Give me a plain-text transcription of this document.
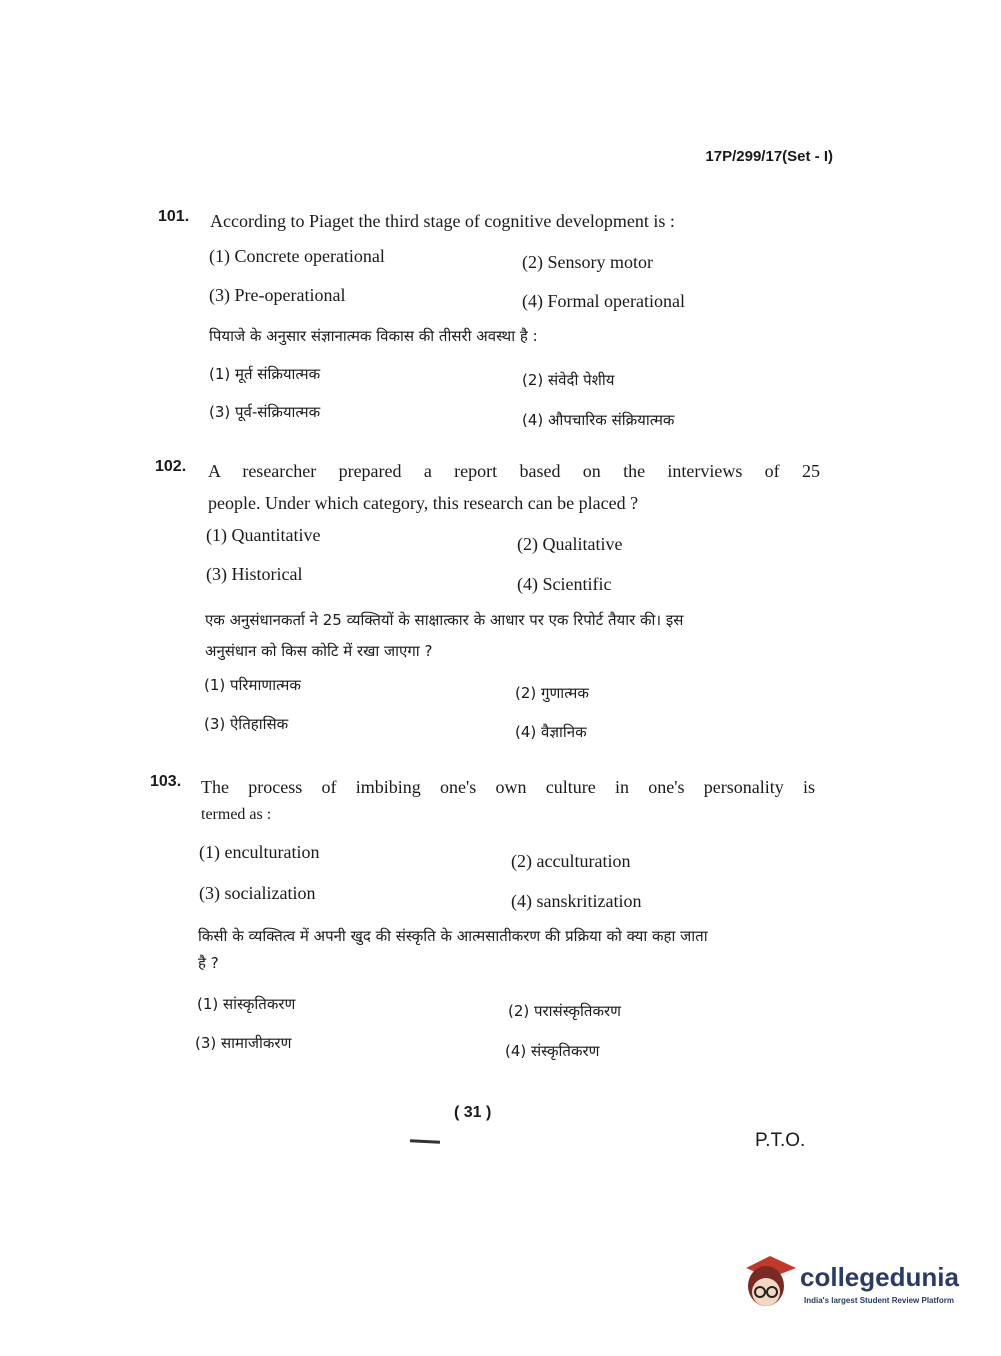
17P/299/17(Set - I)
101. According to Piaget the third stage of cognitive development is :
(1) Concrete operational	(2) Sensory motor
(3) Pre-operational	(4) Formal operational
पियाजे के अनुसार संज्ञानात्मक विकास की तीसरी अवस्था है :
(1) मूर्त संक्रियात्मक	(2) संवेदी पेशीय
(3) पूर्व-संक्रियात्मक	(4) औपचारिक संक्रियात्मक
102. A researcher prepared a report based on the interviews of 25
people. Under which category, this research can be placed ?
(1) Quantitative	(2) Qualitative
(3) Historical	(4) Scientific
एक अनुसंधानकर्ता ने 25 व्यक्तियों के साक्षात्कार के आधार पर एक रिपोर्ट तैयार की। इस
अनुसंधान को किस कोटि में रखा जाएगा ?
(1) परिमाणात्मक	(2) गुणात्मक
(3) ऐतिहासिक	(4) वैज्ञानिक
103. The process of imbibing one's own culture in one's personality is
termed as :
(1) enculturation	(2) acculturation
(3) socialization	(4) sanskritization
किसी के व्यक्तित्व में अपनी खुद की संस्कृति के आत्मसातीकरण की प्रक्रिया को क्या कहा जाता
है ?
(1) सांस्कृतिकरण	(2) परासंस्कृतिकरण
(3) सामाजीकरण	(4) संस्कृतिकरण
( 31 )
P.T.O.
collegedunia
India's largest Student Review Platform
